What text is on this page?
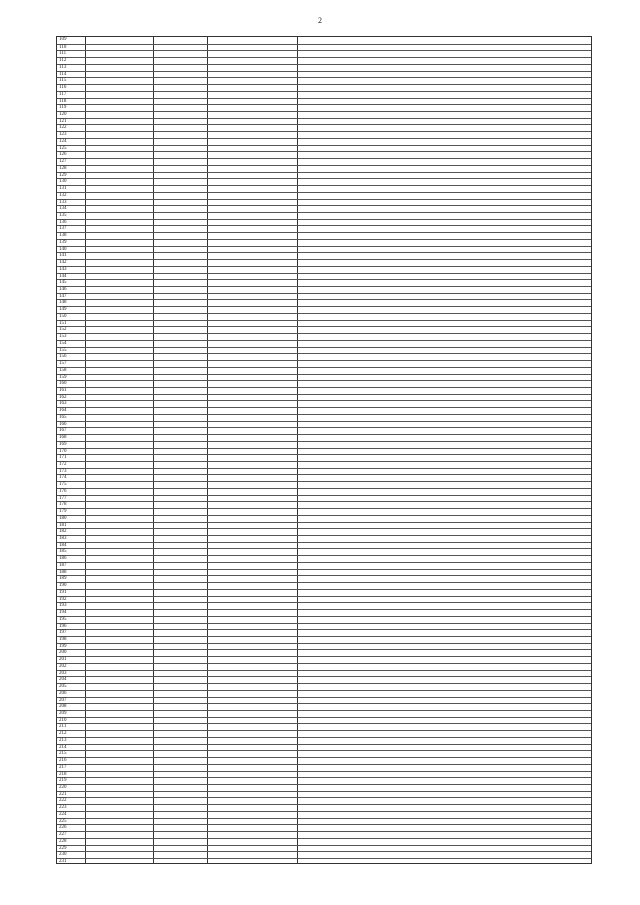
2
109
110
111
112
113
114
115
116
117
118
119
120
121
122
123
124
125
126
127
128
129
130
131
132
133
134
135
136
137
138
139
140
141
142
143
144
145
146
147
148
149
150
151
152
153
154
155
156
157
158
159
160
161
162
163
164
165
166
167
168
169
170
171
172
173
174
175
176
177
178
179
180
181
182
183
184
185
186
187
188
189
190
191
192
193
194
195
196
197
198
199
200
201
202
203
204
205
206
207
208
209
210
211
212
213
214
215
216
217
218
219
220
221
222
223
224
225
226
227
228
229
230
231
